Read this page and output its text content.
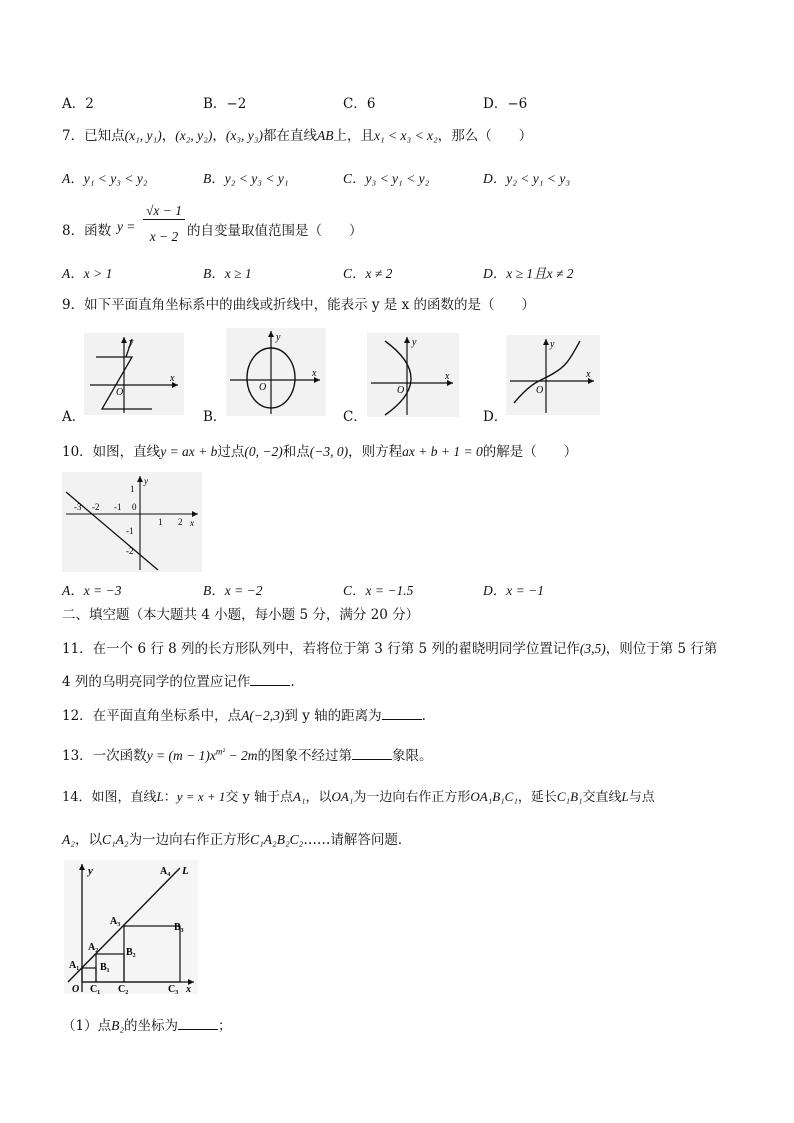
A．2	B．−2	C．6	D．−6
7．已知点(x₁, y₁)，(x₂, y₂)，(x₃, y₃)都在直线AB上，且x₁ < x₃ < x₂，那么（　　）
A．y₁ < y₃ < y₂	B．y₂ < y₃ < y₁	C．y₃ < y₁ < y₂	D．y₂ < y₁ < y₃
8．函数 y =
√x − 1
x − 2 的自变量取值范围是（　　）
A．x > 1	B．x ≥ 1	C．x ≠ 2	D．x ≥ 1且x ≠ 2
9．如下平面直角坐标系中的曲线或折线中，能表示 y 是 x 的函数的是（　　）
y
x
O
A．
y
x
O
B．
y
x
O
C．
y
x
O
D．
10．如图，直线y = ax + b过点(0, −2)和点(−3, 0)，则方程ax + b + 1 = 0的解是（　　）
y
x
-3 -2 -1 0
1 2
1
-1
-2
A．x = −3	B．x = −2	C．x = −1.5	D．x = −1
二、填空题（本大题共 4 小题，每小题 5 分，满分 20 分）
11．在一个 6 行 8 列的长方形队列中，若将位于第 3 行第 5 列的翟晓明同学位置记作(3,5)，则位于第 5 行第
4 列的乌明亮同学的位置应记作	.
12．在平面直角坐标系中，点A(−2,3)到 y 轴的距离为	.
13．一次函数$y = (m - 1)x^{m^2} - 2m$的图象不经过第	象限。
14．如图，直线L：y = x + 1交 y 轴于点A₁，以OA₁为一边向右作正方形OA₁B₁C₁，延长C₁B₁交直线L与点
A₂，以C₁A₂为一边向右作正方形C₁A₂B₂C₂……请解答问题．
y	L
A₄
A₃
B₃
A₂	B₂
A₁ B₁
O C₁ C₂	C₃ x
（1）点B₂的坐标为	；
